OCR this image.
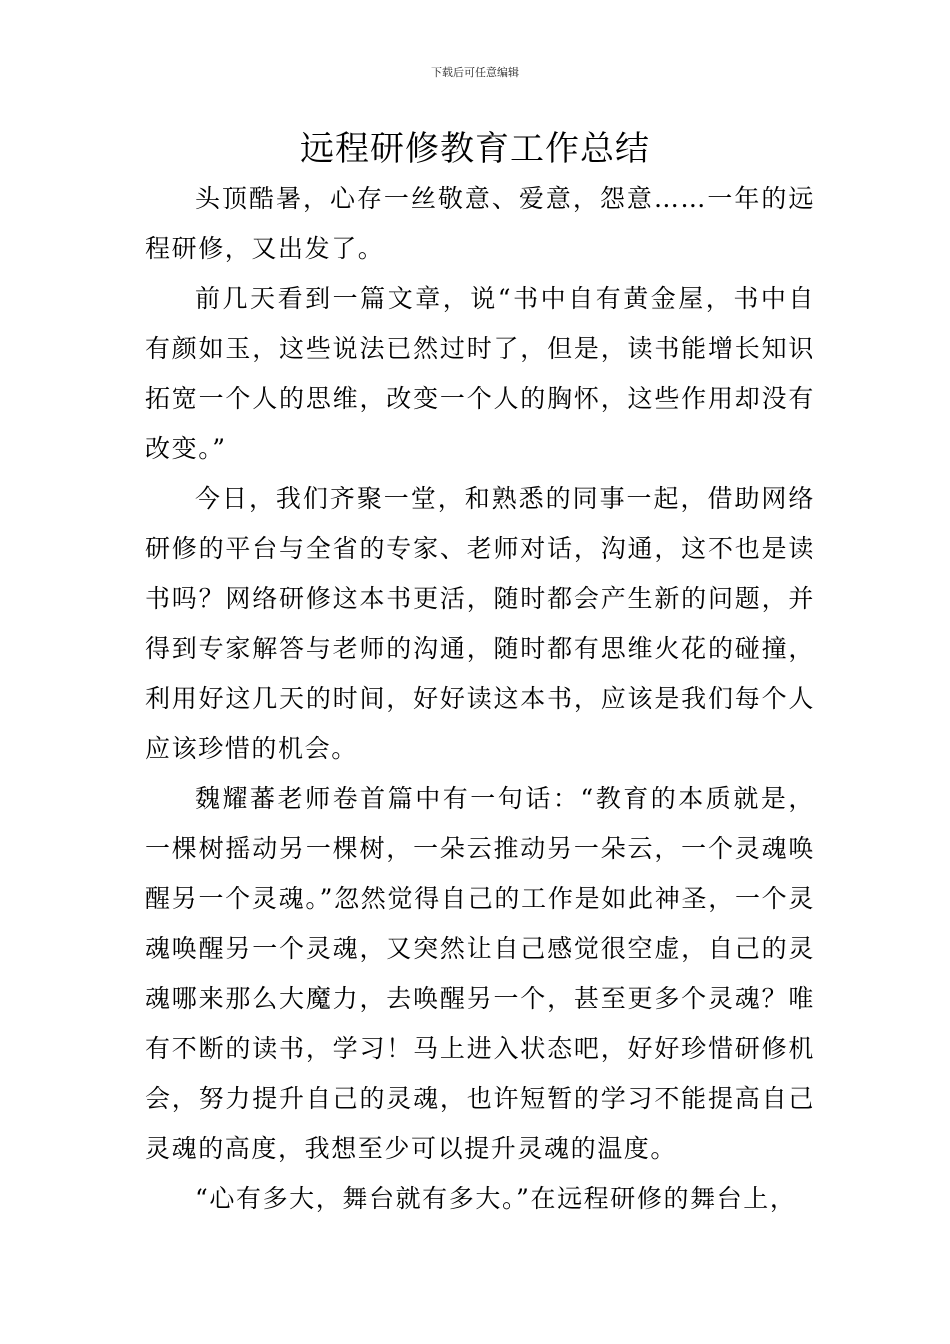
下载后可任意编辑
远程研修教育工作总结

头顶酷暑，心存一丝敬意、爱意，怨意……一年的远程研修，又出发了。

前几天看到一篇文章，说“书中自有黄金屋，书中自有颜如玉，这些说法已然过时了，但是，读书能增长知识拓宽一个人的思维，改变一个人的胸怀，这些作用却没有改变。”

今日，我们齐聚一堂，和熟悉的同事一起，借助网络研修的平台与全省的专家、老师对话，沟通，这不也是读书吗？网络研修这本书更活，随时都会产生新的问题，并得到专家解答与老师的沟通，随时都有思维火花的碰撞，利用好这几天的时间，好好读这本书，应该是我们每个人应该珍惜的机会。

魏耀蕃老师卷首篇中有一句话：“教育的本质就是，一棵树摇动另一棵树，一朵云推动另一朵云，一个灵魂唤醒另一个灵魂。”忽然觉得自己的工作是如此神圣，一个灵魂唤醒另一个灵魂，又突然让自己感觉很空虚，自己的灵魂哪来那么大魔力，去唤醒另一个，甚至更多个灵魂？唯有不断的读书，学习！马上进入状态吧，好好珍惜研修机会，努力提升自己的灵魂，也许短暂的学习不能提高自己灵魂的高度，我想至少可以提升灵魂的温度。

“心有多大，舞台就有多大。”在远程研修的舞台上，
